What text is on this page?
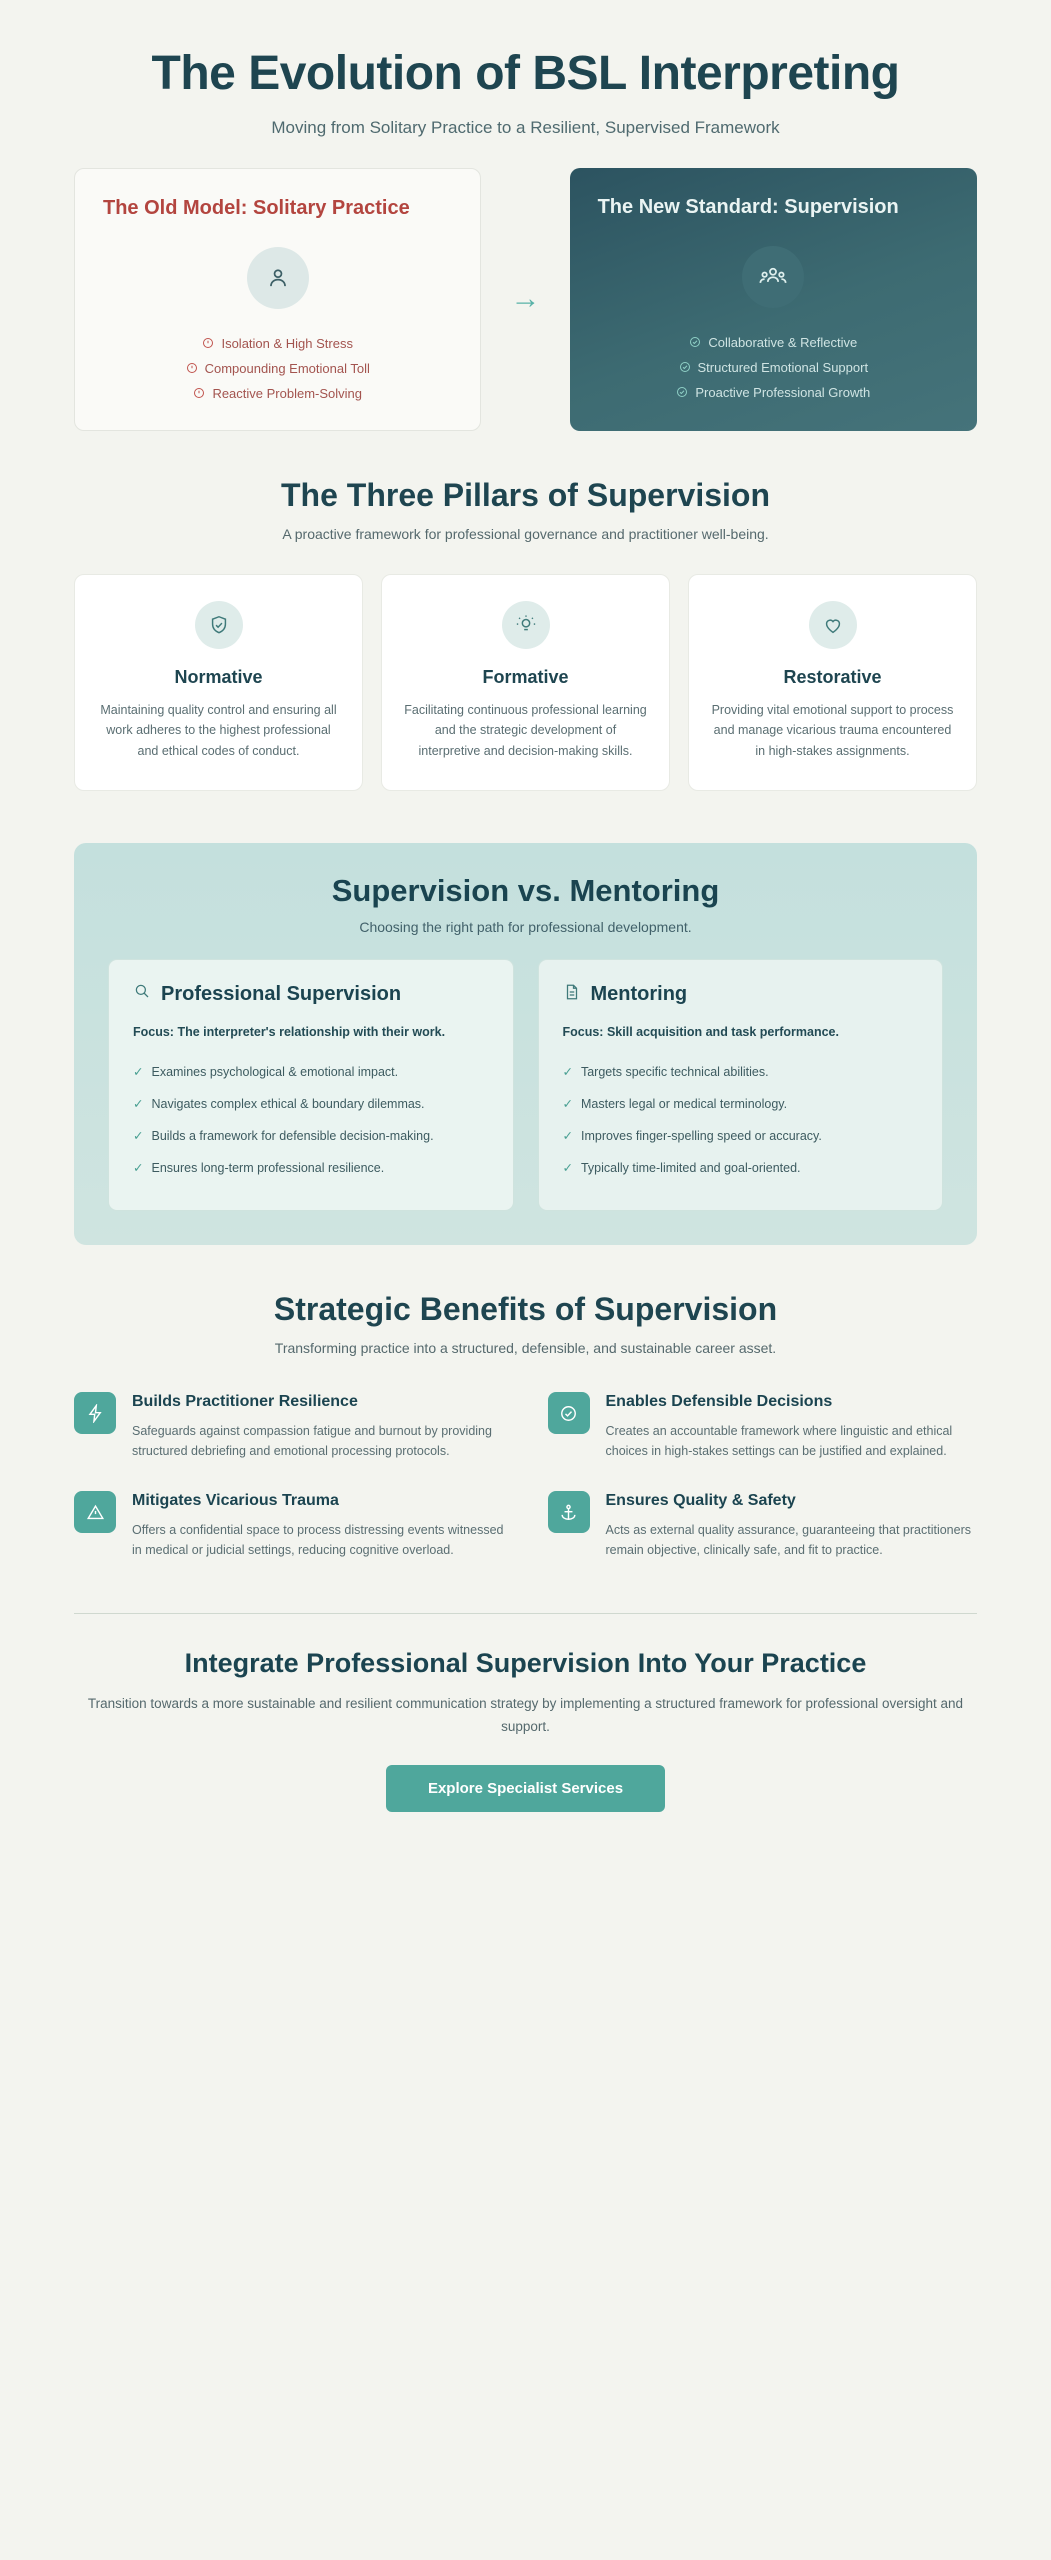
The Evolution of BSL Interpreting

Moving from Solitary Practice to a Resilient, Supervised Framework

The Old Model: Solitary Practice
Isolation & High Stress
Compounding Emotional Toll
Reactive Problem-Solving
→
The New Standard: Supervision
Collaborative & Reflective
Structured Emotional Support
Proactive Professional Growth
The Three Pillars of Supervision

A proactive framework for professional governance and practitioner well-being.

Normative

Maintaining quality control and ensuring all work adheres to the highest professional and ethical codes of conduct.

Formative

Facilitating continuous professional learning and the strategic development of interpretive and decision-making skills.

Restorative

Providing vital emotional support to process and manage vicarious trauma encountered in high-stakes assignments.

Supervision vs. Mentoring
Choosing the right path for professional development.
Professional Supervision
Focus: The interpreter's relationship with their work.
✓ Examines psychological & emotional impact.
✓ Navigates complex ethical & boundary dilemmas.
✓ Builds a framework for defensible decision-making.
✓ Ensures long-term professional resilience.
Mentoring
Focus: Skill acquisition and task performance.
✓ Targets specific technical abilities.
✓ Masters legal or medical terminology.
✓ Improves finger-spelling speed or accuracy.
✓ Typically time-limited and goal-oriented.
Strategic Benefits of Supervision

Transforming practice into a structured, defensible, and sustainable career asset.

Builds Practitioner Resilience

Safeguards against compassion fatigue and burnout by providing structured debriefing and emotional processing protocols.

Enables Defensible Decisions

Creates an accountable framework where linguistic and ethical choices in high-stakes settings can be justified and explained.

Mitigates Vicarious Trauma

Offers a confidential space to process distressing events witnessed in medical or judicial settings, reducing cognitive overload.

Ensures Quality & Safety

Acts as external quality assurance, guaranteeing that practitioners remain objective, clinically safe, and fit to practice.

Integrate Professional Supervision Into Your Practice

Transition towards a more sustainable and resilient communication strategy by implementing a structured framework for professional oversight and support.

Explore Specialist Services
